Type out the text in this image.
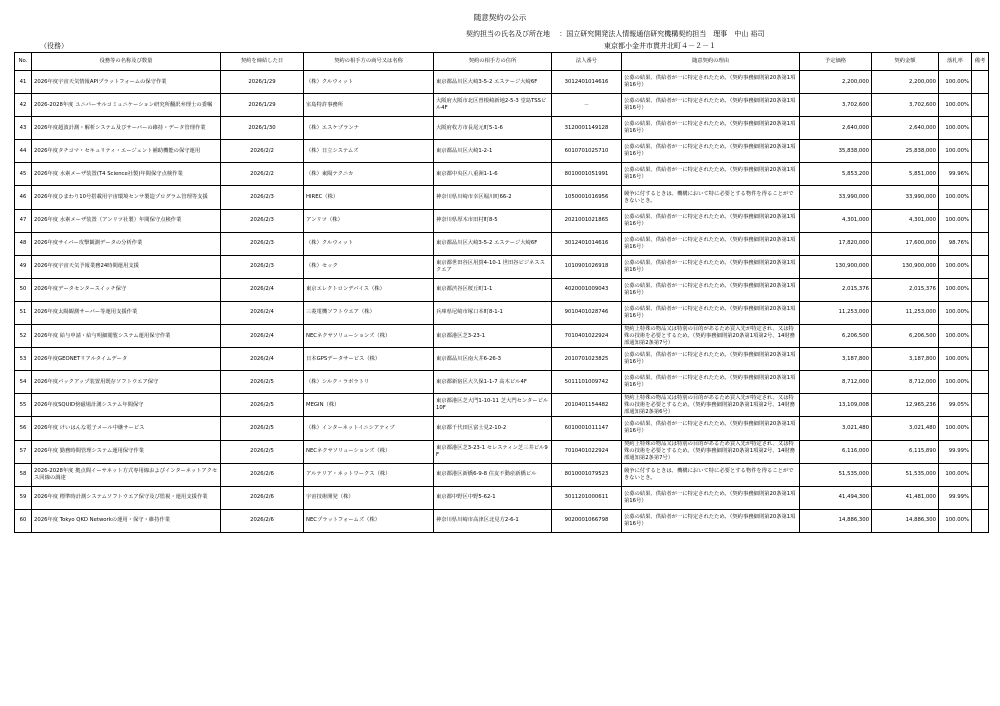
随意契約の公示
契約担当の氏名及び所在地 　：国立研究開発法人情報通信研究機構契約担当　理事　中山 裕司
（役務）	東京都小金井市貫井北町４－２－１
No.	役務等の名称及び数量	契約を締結した日	契約の相手方の商号又は名称	契約の相手方の住所	法人番号	随意契約の理由	予定価格	契約金額	落札率	備考
41	2026年度宇宙天気情報APIプラットフォームの保守作業	2026/1/29	（株）クルウィット	東京都品川区大崎3-5-2 エステージ大崎6F	3012401014616	公募の結果、供給者が一に特定されたため。（契約事務細則第20条第1項第16号）	2,200,000	2,200,000	100.00%	
42	2026-2028年度 ユニバーサルコミュニケーション研究所翻訳弁理士の委嘱	2026/1/29	室島特許事務所	大阪府大阪市北区曽根崎新地2-5-3 堂島TSSビル4F	－	公募の結果、供給者が一に特定されたため。（契約事務細則第20条第1項第16号）	3,702,600	3,702,600	100.00%	
43	2026年度超波計測・解析システム及びサーバーの維持・データ管理作業	2026/1/30	（株）エスケブランナ	大阪府枚方市長尾元町5-1-6	3120001149128	公募の結果、供給者が一に特定されたため。（契約事務細則第20条第1項第16号）	2,640,000	2,640,000	100.00%	
44	2026年度タチコマ・セキュリティ・エージェント補助機能の保守運用	2026/2/2	（株）日立システムズ	東京都品川区大崎1-2-1	6010701025710	公募の結果、供給者が一に特定されたため。（契約事務細則第20条第1項第16号）	35,838,000	25,838,000	100.00%	
45	2026年度 水素メーザ装置(T4 Science社製)年間保守点検作業	2026/2/2	（株）東陽テクニカ	東京都中央区八重洲1-1-6	8010001051991	公募の結果、供給者が一に特定されたため。（契約事務細則第20条第1項第16号）	5,853,200	5,851,000	99.96%	
46	2026年度ひまわり10号搭載用宇宙環境センサ製造プログラム管理等支援	2026/2/3	HIREC（株）	神奈川県川崎市幸区堀川町66-2	1050001016956	競争に付するときは、機構において特に必要とする物件を得ることができないとき。	33,990,000	33,990,000	100.00%	
47	2026年度 水素メーザ装置（アンリツ社製）年間保守点検作業	2026/2/3	アンリツ（株）	神奈川県厚木市田村町8-5	2021001021865	公募の結果、供給者が一に特定されたため。（契約事務細則第20条第1項第16号）	4,301,000	4,301,000	100.00%	
48	2026年度サイバー攻撃観測データの分析作業	2026/2/3	（株）クルウィット	東京都品川区大崎3-5-2 エステージ大崎6F	3012401014616	公募の結果、供給者が一に特定されたため。（契約事務細則第20条第1項第16号）	17,820,000	17,600,000	98.76%	
49	2026年度宇宙天気予報業務24時間運用支援	2026/2/3	（株）セック	東京都世田谷区用賀4-10-1 世田谷ビジネススクエア	1010901026918	公募の結果、供給者が一に特定されたため。（契約事務細則第20条第1項第16号）	130,900,000	130,900,000	100.00%	
50	2026年度データセンタースイッチ保守	2026/2/4	東京エレクトロンデバイス（株）	東京都渋谷区桜丘町1-1	4020001009043	公募の結果、供給者が一に特定されたため。（契約事務細則第20条第1項第16号）	2,015,376	2,015,376	100.00%	
51	2026年度太陽観測サーバー等運用支援作業	2026/2/4	三菱電機ソフトウエア（株）	兵庫県尼崎市塚口本町8-1-1	9010401028746	公募の結果、供給者が一に特定されたため。（契約事務細則第20条第1項第16号）	11,253,000	11,253,000	100.00%	
52	2026年度 給与申請・給与明細閲覧システム運用保守作業	2026/2/4	NECネクサソリューションズ（株）	東京都港区芝3-23-1	7010401022924	契約上特殊の物品又は特別の目的があるため買入先が特定され、又は特殊の技術を必要とするため。（契約事務細則第20条第1項第2号、14財務部通知第2条第7号）	6,206,500	6,206,500	100.00%	
53	2026年度GEONETリアルタイムデータ	2026/2/4	日本GPSデータサービス（株）	東京都品川区南大井6-26-3	2010701023825	公募の結果、供給者が一に特定されたため。（契約事務細則第20条第1項第16号）	3,187,800	3,187,800	100.00%	
54	2026年度バックアップ装置用既存ソフトウエア保守	2026/2/5	（株）シルク・ラボラトリ	東京都新宿区大久保1-1-7 高木ビル4F	5011101009742	公募の結果、供給者が一に特定されたため。（契約事務細則第20条第1項第16号）	8,712,000	8,712,000	100.00%	
55	2026年度SQUID傍磁場計測システム年間保守	2026/2/5	MEGIN（株）	東京都港区芝大門1-10-11 芝大門センタービル10F	2010401154482	契約上特殊の物品又は特別の目的があるため買入先が特定され、又は特殊の技術を必要とするため。（契約事務細則第20条第1項第2号、14財務部通知第2条第6号）	13,109,008	12,965,236	99.05%	
56	2026年度 けいはんな電子メール中継サービス	2026/2/5	（株）インターネットイニシアティブ	東京都千代田区富士見2-10-2	6010001011147	公募の結果、供給者が一に特定されたため。（契約事務細則第20条第1項第16号）	3,021,480	3,021,480	100.00%	
57	2026年度 勤務時間管理システム運用保守作業	2026/2/5	NECネクサソリューションズ（株）	東京都港区芝3-23-1 セレスティン芝三井ビル9F	7010401022924	契約上特殊の物品又は特別の目的があるため買入先が特定され、又は特殊の技術を必要とするため。（契約事務細則第20条第1項第2号、14財務部通知第2条第7号）	6,116,000	6,115,890	99.99%	
58	2026-2028年度 拠点間イーサネット方式専用線およびインターネットアクセス回線の調達	2026/2/6	アルテリア・ネットワークス（株）	東京都港区新橋6-9-8 住友不動産新橋ビル	8010001079523	競争に付するときは、機構において特に必要とする物件を得ることができないとき。	51,535,000	51,535,000	100.00%	
59	2026年度 標準時計測システムソフトウエア保守及び監視・運用支援作業	2026/2/6	宇宙技術開発（株）	東京都中野区中野5-62-1	3011201000611	公募の結果、供給者が一に特定されたため。（契約事務細則第20条第1項第16号）	41,494,300	41,481,000	99.99%	
60	2026年度 Tokyo QKD Networkの運用・保守・維持作業	2026/2/6	NECプラットフォームズ（株）	神奈川県川崎市高津区北見方2-6-1	9020001066798	公募の結果、供給者が一に特定されたため。（契約事務細則第20条第1項第16号）	14,886,300	14,886,300	100.00%	
